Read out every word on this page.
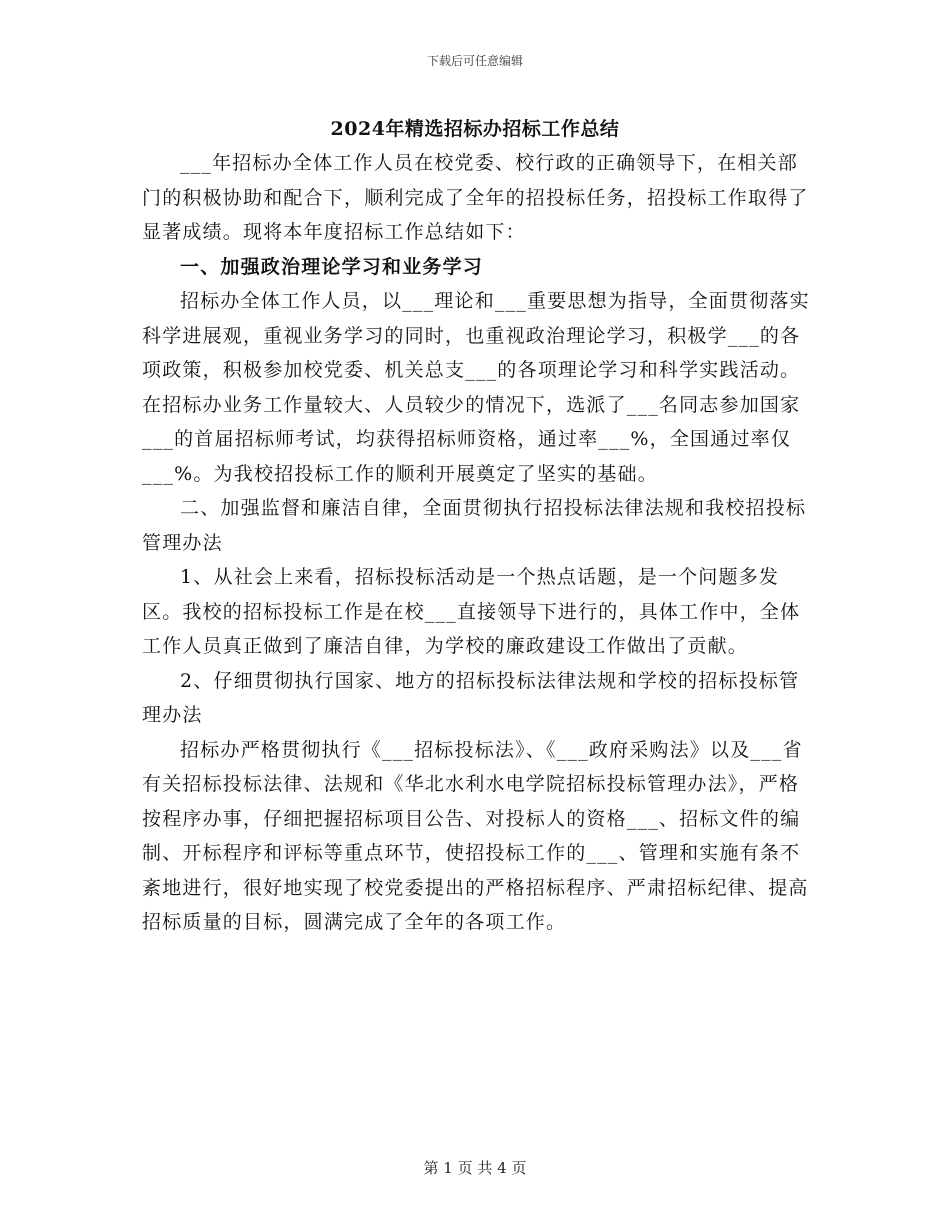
下载后可任意编辑
2024年精选招标办招标工作总结

___年招标办全体工作人员在校党委、校行政的正确领导下，在相关部门的积极协助和配合下，顺利完成了全年的招投标任务，招投标工作取得了显著成绩。现将本年度招标工作总结如下：

一、加强政治理论学习和业务学习

招标办全体工作人员，以___理论和___重要思想为指导，全面贯彻落实科学进展观，重视业务学习的同时，也重视政治理论学习，积极学___的各项政策，积极参加校党委、机关总支___的各项理论学习和科学实践活动。在招标办业务工作量较大、人员较少的情况下，选派了___名同志参加国家___的首届招标师考试，均获得招标师资格，通过率___%，全国通过率仅___%。为我校招投标工作的顺利开展奠定了坚实的基础。

二、加强监督和廉洁自律，全面贯彻执行招投标法律法规和我校招投标管理办法

1、从社会上来看，招标投标活动是一个热点话题，是一个问题多发区。我校的招标投标工作是在校___直接领导下进行的，具体工作中，全体工作人员真正做到了廉洁自律，为学校的廉政建设工作做出了贡献。

2、仔细贯彻执行国家、地方的招标投标法律法规和学校的招标投标管理办法

招标办严格贯彻执行《___招标投标法》、《___政府采购法》以及___省有关招标投标法律、法规和《华北水利水电学院招标投标管理办法》，严格按程序办事，仔细把握招标项目公告、对投标人的资格___、招标文件的编制、开标程序和评标等重点环节，使招投标工作的___、管理和实施有条不紊地进行，很好地实现了校党委提出的严格招标程序、严肃招标纪律、提高招标质量的目标，圆满完成了全年的各项工作。

第 1 页 共 4 页
